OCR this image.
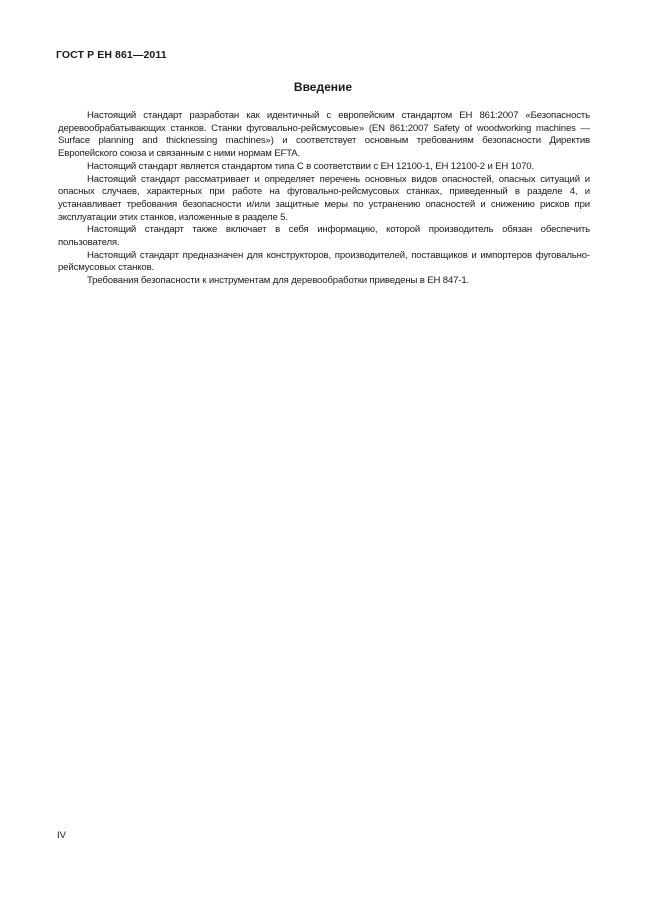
ГОСТ Р ЕН 861—2011
Введение

Настоящий стандарт разработан как идентичный с европейским стандартом ЕН 861:2007 «Безопасность деревообрабатывающих станков. Станки фуговально-рейсмусовые» (EN 861:2007 Safety of woodworking machines — Surface planning and thicknessing machines») и соответствует основным требованиям безопасности Директив Европейского союза и связанным с ними нормам EFTA.

Настоящий стандарт является стандартом типа С в соответствии с ЕН 12100-1, ЕН 12100-2 и ЕН 1070.

Настоящий стандарт рассматривает и определяет перечень основных видов опасностей, опасных ситуаций и опасных случаев, характерных при работе на фуговально-рейсмусовых станках, приведенный в разделе 4, и устанавливает требования безопасности и/или защитные меры по устранению опасностей и снижению рисков при эксплуатации этих станков, изложенные в разделе 5.

Настоящий стандарт также включает в себя информацию, которой производитель обязан обеспечить пользователя.

Настоящий стандарт предназначен для конструкторов, производителей, поставщиков и импортеров фуговально-рейсмусовых станков.

Требования безопасности к инструментам для деревообработки приведены в ЕН 847-1.

IV
